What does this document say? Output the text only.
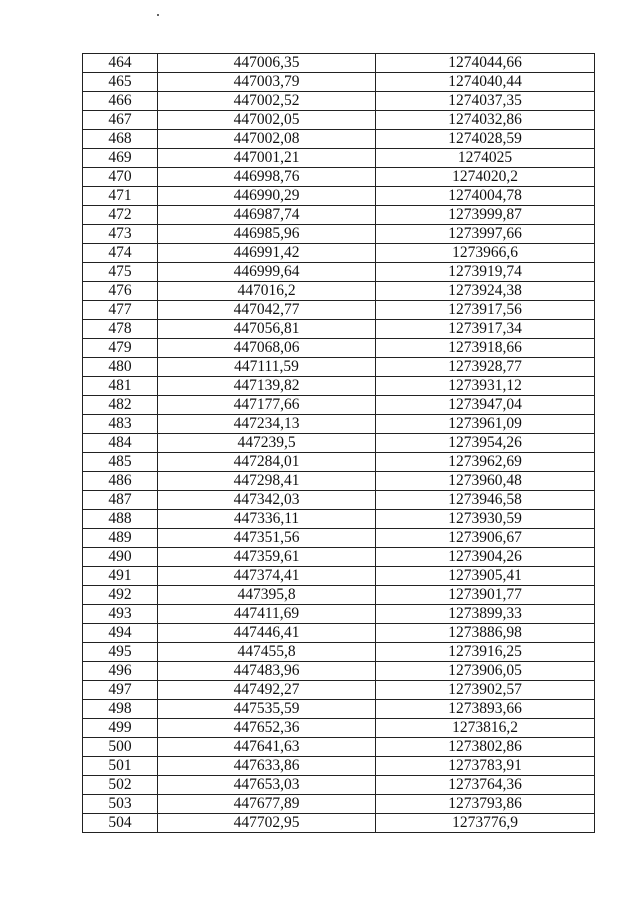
464	447006,35	1274044,66
465	447003,79	1274040,44
466	447002,52	1274037,35
467	447002,05	1274032,86
468	447002,08	1274028,59
469	447001,21	1274025
470	446998,76	1274020,2
471	446990,29	1274004,78
472	446987,74	1273999,87
473	446985,96	1273997,66
474	446991,42	1273966,6
475	446999,64	1273919,74
476	447016,2	1273924,38
477	447042,77	1273917,56
478	447056,81	1273917,34
479	447068,06	1273918,66
480	447111,59	1273928,77
481	447139,82	1273931,12
482	447177,66	1273947,04
483	447234,13	1273961,09
484	447239,5	1273954,26
485	447284,01	1273962,69
486	447298,41	1273960,48
487	447342,03	1273946,58
488	447336,11	1273930,59
489	447351,56	1273906,67
490	447359,61	1273904,26
491	447374,41	1273905,41
492	447395,8	1273901,77
493	447411,69	1273899,33
494	447446,41	1273886,98
495	447455,8	1273916,25
496	447483,96	1273906,05
497	447492,27	1273902,57
498	447535,59	1273893,66
499	447652,36	1273816,2
500	447641,63	1273802,86
501	447633,86	1273783,91
502	447653,03	1273764,36
503	447677,89	1273793,86
504	447702,95	1273776,9
